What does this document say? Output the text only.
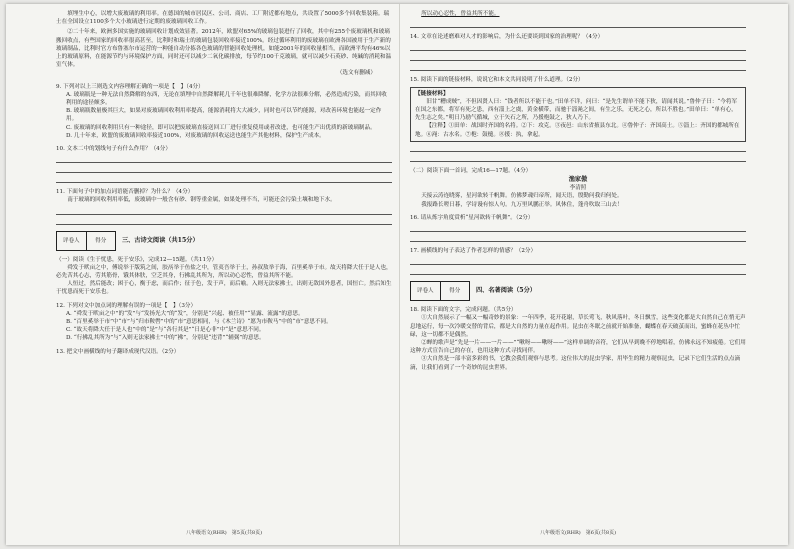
填埋生中心，以增大废玻璃的利用率。在德国的城市居民区、公司、商店、工厂附近都有地点，共设置了5000多个回收集装箱。瑞士在全国设立1100多个大小玻璃进行定期的废玻璃回收工作。

②二十年来，欧洲多国实施的玻璃回收计划成效显著。2012年，欧盟对65%的玻璃包装进行了回收，其中有255个废玻璃机和玻璃搬回收点，有些国家的回收率很高甚至，比利时和瑞士的玻璃包装回收率接近100%。经过循环利用的废玻璃在欧洲各国被用于生产新的玻璃制品，比利时官方布鲁塞尔市运营的一种能自动分拣各色玻璃的智能回收处理机，如能2001年的回收量相当，而欧洲平均有46%以上的玻璃原料，在能源节约与环境保护方面，同时还可以减少二氧化碳排放，每节约100千克玻璃，就可以减少石英砂、纯碱的消耗和温室气体。

（选文有删减）

9. 下列对以上三则选文内容理解正确的一项是【　】（4分）

A. 玻璃瓶是一种无法自然降解的东西，无论在填埋中自然降解耗几千年也很难降解，化学方法很难分解，必然造成污染，而其回收利用的途径颇多。

B. 玻璃瓶数量极其巨大，如果对废玻璃回收利用率提高，能源消耗将大大减少，同时也可以节约能源，对改善环境也能起一定作用。

C. 废玻璃的回收利用只有一种途径，即可以把废玻璃直接送回工厂进行重复使用或者改进，也可能生产出优质的新玻璃制品。

D. 几十年来，欧盟的废玻璃回收率接近100%，对废玻璃的回收运送也能生产其他材料，保护生产成本。

10. 文本二中的划线句子有什么作用？（4分）

11. 下面句子中的加点词语能否删掉？为什么？（4分）

南于玻璃的回收利用率低，废玻璃中一般含有砂、钢等重金属，如果处理不当，可能还会污染土壤和地下水。

评卷人	得分	三、古诗文阅读（共15分）

（一）阅读《生于忧患，死于安乐》，完成12—15题。（共11分）

舜发于畎亩之中，傅说举于版筑之间，胶鬲举于鱼盐之中，管夷吾举于士，孙叔敖举于海，百里奚举于市。故天将降大任于是人也，必先苦其心志，劳其筋骨，饿其体肤，空乏其身，行拂乱其所为，所以动心忍性，曾益其所不能。

人恒过，然后能改；困于心，衡于虑，而后作；征于色，发于声，而后喻。入则无法家拂士，出则无敌国外患者，国恒亡。然后知生于忧患而死于安乐也。

12. 下列对文中加点词的理解有误的一项是【　】（3分）

A. “舜发于畎亩之中”的“发”与“发扬光大”的“发”，分别是“兴起、被任用”“显露、流露”的意思。

B. “百里奚举于市”中“市”与“归市鞍辔”中的“市”意思相同，与《木兰诗》“愿为市鞍马”中的“市”意思不同。

C. “故天将降大任于是人也”中的“是”与“各行其是”“日是心非”中“是”意思不同。

D. “行拂乱其所为”与“入则无法家拂士”中的“拂”，分别是“违背”“辅弼”的意思。

13. 把文中画横线的句子翻译成现代汉语。（2分）

八年级语文(RHR)　第5页(共8页)

所以动心忍性，曾益其所不能。

14. 文章在论述磨难对人才的影响后，为什么还要谈到国家的治理呢？（4分）

15. 阅读下面的链接材料，说说它和本文共同说明了什么道理。（2分）

【链接材料】

旧甘“糟成贼”，不但因贤人曰：“钱者所以不能干也。”田单不详，问曰：“是先生谓单不能下狄，请闻其说。”鲁仲子曰：“今将军在国之东都，将军有死之患，西有淄上之虞，黄金横带，而驰于淄渑之间，有生之乐，无死之心，所以不胜也。”田单曰：“单有心，先生志之矣。”明日乃励气循城，立于矢石之所，乃援枹鼓之，狄人乃下。

【注释】①田单：战国时齐国的名将。②下：攻克。③夜邑：山东省掖县东北。④鲁仲子：齐国高士。⑤淄上：齐国的都城所在地。⑥渑：古水名。⑦枹：鼓槌。⑧援：执，拿起。

（二）阅读下面一首词，完成16—17题。（4分）

渔家傲

李清照

天接云涛连晓雾，星河欲转千帆舞。仿佛梦魂归帝所，闻天语，殷勤问我归何处。

我报路长嗟日暮，学诗谩有惊人句。九万里风鹏正举。风休住，蓬舟吹取三山去！

16. 请从炼字角度赏析“星河欲转千帆舞”。（2分）

17. 画横线的句子表达了作者怎样的情感？（2分）

评卷人	得分	四、名著阅读（5分）

18. 阅读下面的文字，完成问题。（共5分）

①大自然展示了一幅又一幅奇妙的景象：一年四季，花开花谢，草长莺飞，秋风落叶，冬日飘雪，这些变化都是大自然自己在悄无声息地运行，每一次冷暖交替的背后，都是大自然的力量在起作用。昆虫在冬眠之前就开始准备，蝴蝶在春天破茧而出，蜜蜂在花丛中忙碌，这一切都不是偶然。

②蝉的歌声是“先是一片——一片——”“啾呀——啾呀——”这样单调的音符，它们从早到晚不停地唱着，仿佛永远不知疲倦。它们用这种方式宣告自己的存在，也用这种方式寻找同伴。

③大自然是一部丰富多彩的书，它教会我们观察与思考。这位伟大的昆虫学家，用毕生的精力观察昆虫，记录下它们生活的点点滴滴，让我们看到了一个奇妙的昆虫世界。

八年级语文(RHR)　第6页(共8页)
